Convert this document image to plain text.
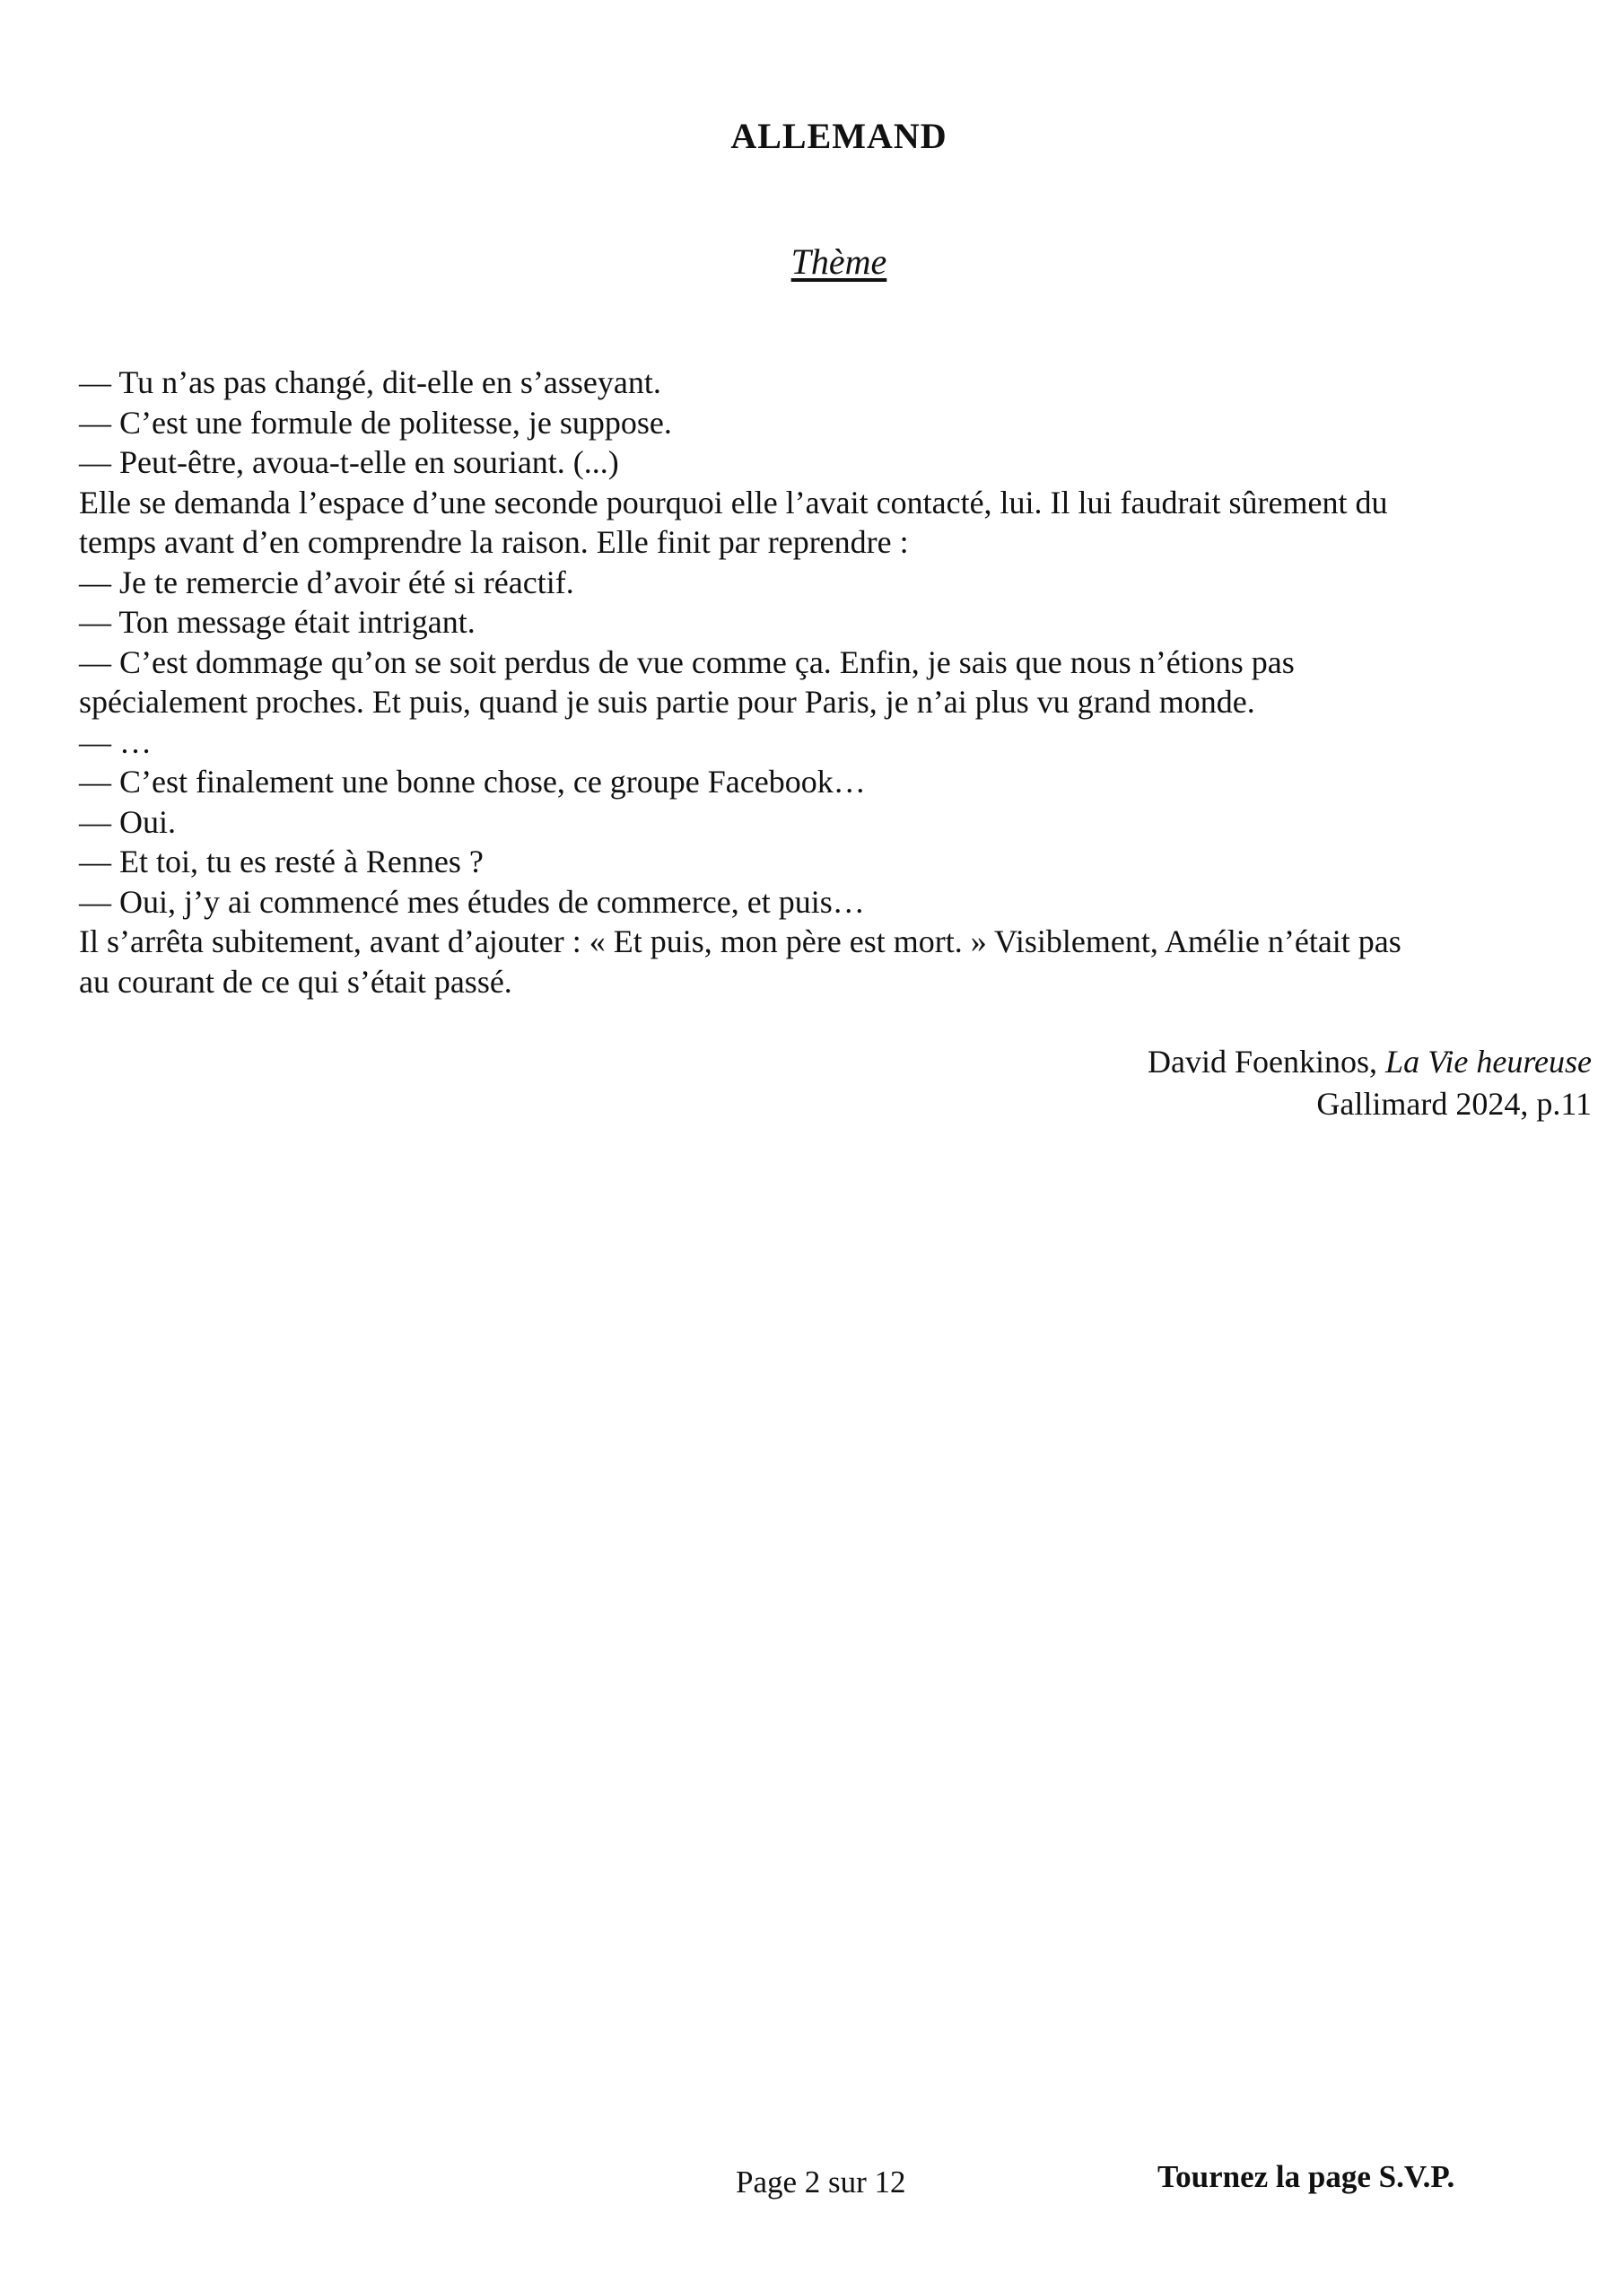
ALLEMAND
Thème

— Tu n’as pas changé, dit-elle en s’asseyant.

— C’est une formule de politesse, je suppose.

— Peut-être, avoua-t-elle en souriant. (...)

Elle se demanda l’espace d’une seconde pourquoi elle l’avait contacté, lui. Il lui faudrait sûrement du

temps avant d’en comprendre la raison. Elle finit par reprendre :

— Je te remercie d’avoir été si réactif.

— Ton message était intrigant.

— C’est dommage qu’on se soit perdus de vue comme ça. Enfin, je sais que nous n’étions pas

spécialement proches. Et puis, quand je suis partie pour Paris, je n’ai plus vu grand monde.

— …

— C’est finalement une bonne chose, ce groupe Facebook…

— Oui.

— Et toi, tu es resté à Rennes ?

— Oui, j’y ai commencé mes études de commerce, et puis…

Il s’arrêta subitement, avant d’ajouter : « Et puis, mon père est mort. » Visiblement, Amélie n’était pas

au courant de ce qui s’était passé.

David Foenkinos, La Vie heureuse
Gallimard 2024, p.11
Page 2 sur 12	Tournez la page S.V.P.
